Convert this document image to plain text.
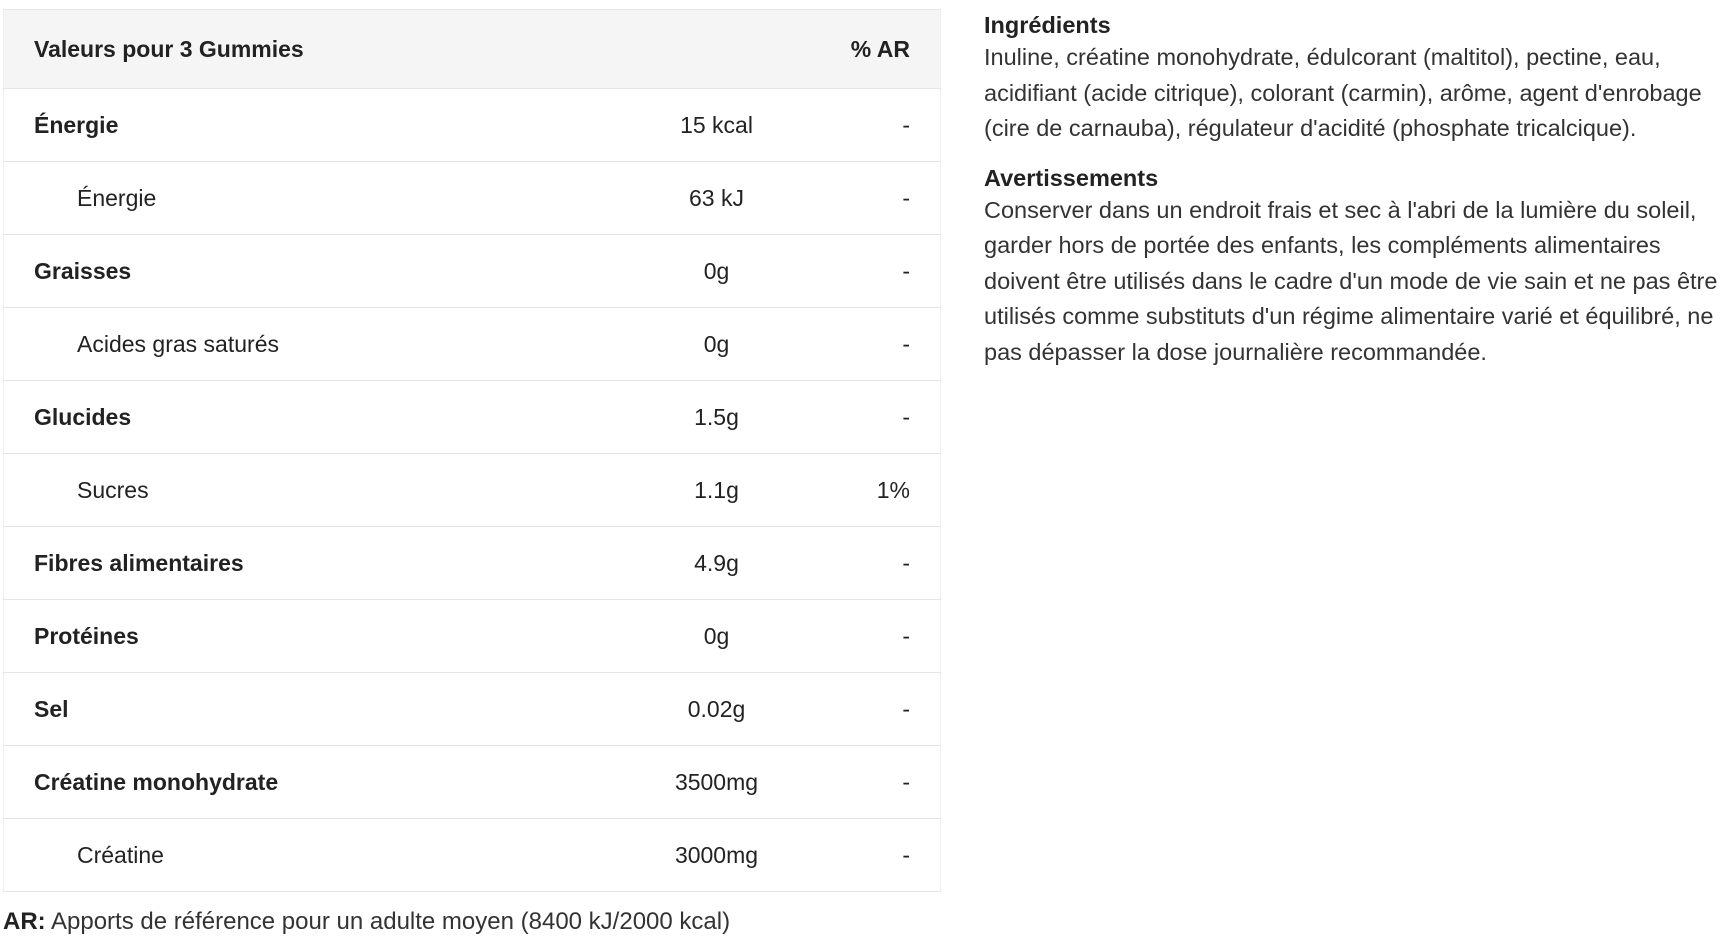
Valeurs pour 3 Gummies		% AR
Énergie	15 kcal	-
Énergie	63 kJ	-
Graisses	0g	-
Acides gras saturés	0g	-
Glucides	1.5g	-
Sucres	1.1g	1%
Fibres alimentaires	4.9g	-
Protéines	0g	-
Sel	0.02g	-
Créatine monohydrate	3500mg	-
Créatine	3000mg	-
AR: Apports de référence pour un adulte moyen (8400 kJ/2000 kcal)
Ingrédients

Inuline, créatine monohydrate, édulcorant (maltitol), pectine, eau, acidifiant (acide citrique), colorant (carmin), arôme, agent d'enrobage (cire de carnauba), régulateur d'acidité (phosphate tricalcique).

Avertissements

Conserver dans un endroit frais et sec à l'abri de la lumière du soleil, garder hors de portée des enfants, les compléments alimentaires doivent être utilisés dans le cadre d'un mode de vie sain et ne pas être utilisés comme substituts d'un régime alimentaire varié et équilibré, ne pas dépasser la dose journalière recommandée.
